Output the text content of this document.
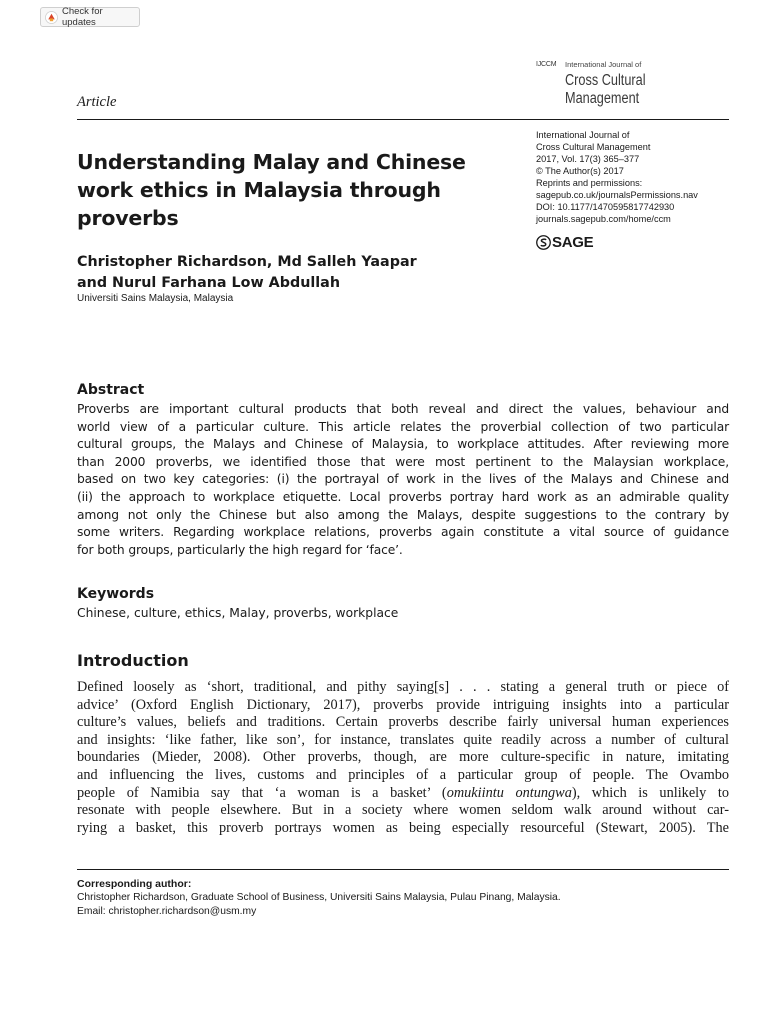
Check for updates
IJCCM International Journal of
Cross Cultural
Management
Article
Understanding Malay and Chinese
work ethics in Malaysia through
proverbs
International Journal of
Cross Cultural Management
2017, Vol. 17(3) 365–377
© The Author(s) 2017
Reprints and permissions:
sagepub.co.uk/journalsPermissions.nav
DOI: 10.1177/1470595817742930
journals.sagepub.com/home/ccm
SAGE
Christopher Richardson, Md Salleh Yaapar
and Nurul Farhana Low Abdullah
Universiti Sains Malaysia, Malaysia
Abstract
Proverbs are important cultural products that both reveal and direct the values, behaviour and
world view of a particular culture. This article relates the proverbial collection of two particular
cultural groups, the Malays and Chinese of Malaysia, to workplace attitudes. After reviewing more
than 2000 proverbs, we identified those that were most pertinent to the Malaysian workplace,
based on two key categories: (i) the portrayal of work in the lives of the Malays and Chinese and
(ii) the approach to workplace etiquette. Local proverbs portray hard work as an admirable quality
among not only the Chinese but also among the Malays, despite suggestions to the contrary by
some writers. Regarding workplace relations, proverbs again constitute a vital source of guidance
for both groups, particularly the high regard for ‘face’.
Keywords
Chinese, culture, ethics, Malay, proverbs, workplace
Introduction
Defined loosely as ‘short, traditional, and pithy saying[s] . . . stating a general truth or piece of
advice’ (Oxford English Dictionary, 2017), proverbs provide intriguing insights into a particular
culture’s values, beliefs and traditions. Certain proverbs describe fairly universal human experiences
and insights: ‘like father, like son’, for instance, translates quite readily across a number of cultural
boundaries (Mieder, 2008). Other proverbs, though, are more culture-specific in nature, imitating
and influencing the lives, customs and principles of a particular group of people. The Ovambo
people of Namibia say that ‘a woman is a basket’ (omukiintu ontungwa), which is unlikely to
resonate with people elsewhere. But in a society where women seldom walk around without car-
rying a basket, this proverb portrays women as being especially resourceful (Stewart, 2005). The
Corresponding author:
Christopher Richardson, Graduate School of Business, Universiti Sains Malaysia, Pulau Pinang, Malaysia.
Email: christopher.richardson@usm.my
